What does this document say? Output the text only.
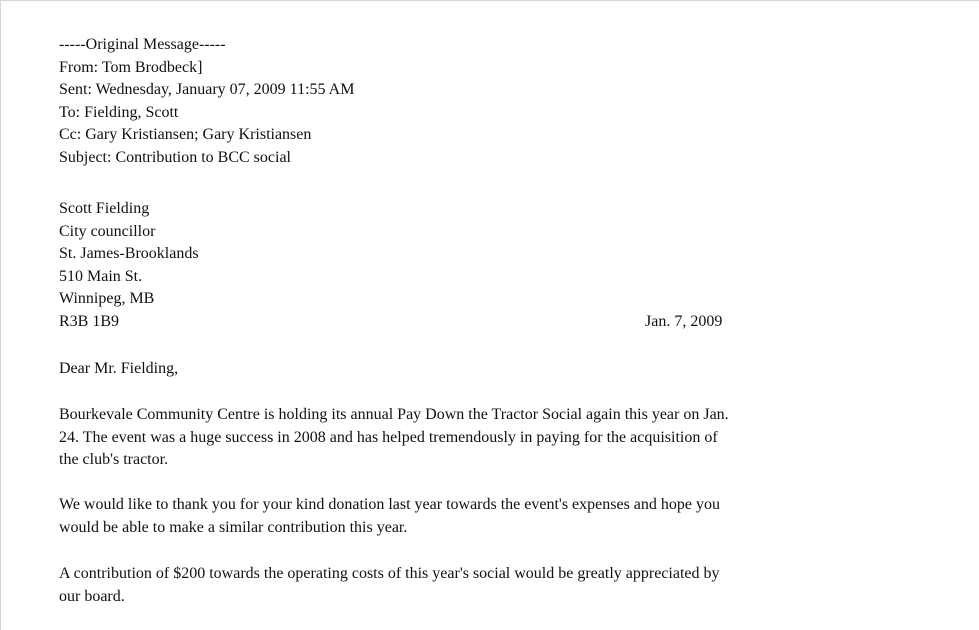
-----Original Message-----
From: Tom Brodbeck]
Sent: Wednesday, January 07, 2009 11:55 AM
To: Fielding, Scott
Cc: Gary Kristiansen; Gary Kristiansen
Subject: Contribution to BCC social
Scott Fielding
City councillor
St. James-Brooklands
510 Main St.
Winnipeg, MB
R3B 1B9	Jan. 7, 2009

Dear Mr. Fielding,

Bourkevale Community Centre is holding its annual Pay Down the Tractor Social again this year on Jan.
24. The event was a huge success in 2008 and has helped tremendously in paying for the acquisition of
the club's tractor.

We would like to thank you for your kind donation last year towards the event's expenses and hope you
would be able to make a similar contribution this year.

A contribution of $200 towards the operating costs of this year's social would be greatly appreciated by
our board.
